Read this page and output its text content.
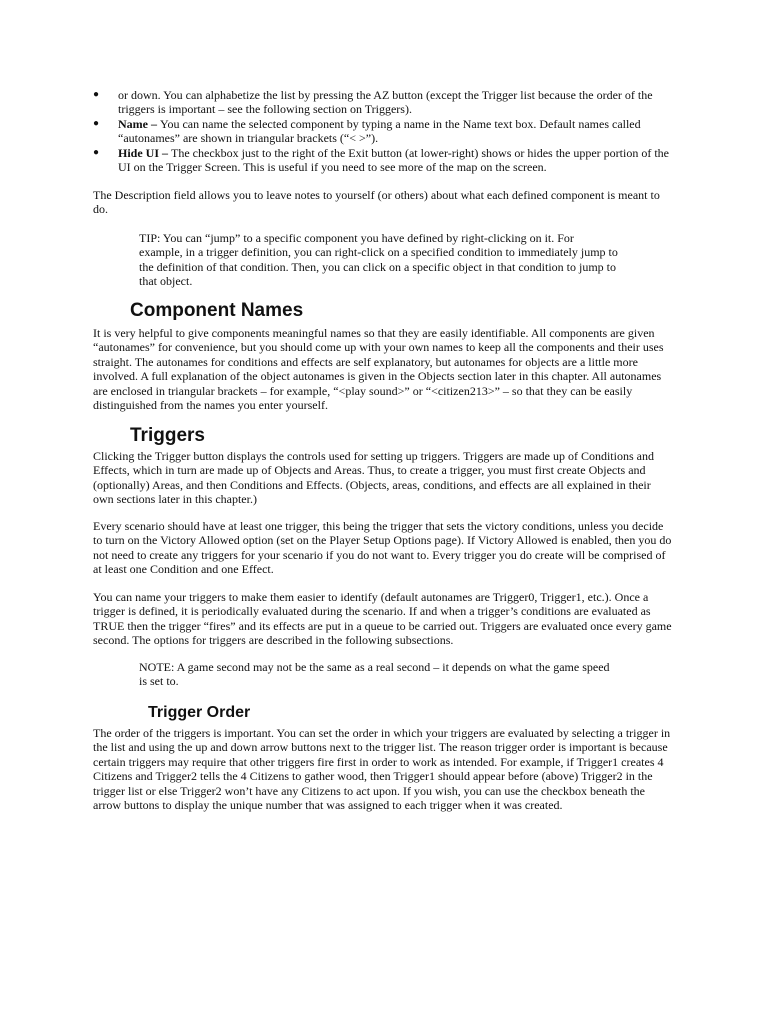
● or down. You can alphabetize the list by pressing the AZ button (except the Trigger list because the order of the triggers is important – see the following section on Triggers).
● Name – You can name the selected component by typing a name in the Name text box. Default names called “autonames” are shown in triangular brackets (“< >”).
● Hide UI – The checkbox just to the right of the Exit button (at lower-right) shows or hides the upper portion of the UI on the Trigger Screen. This is useful if you need to see more of the map on the screen.

The Description field allows you to leave notes to yourself (or others) about what each defined component is meant to do.

TIP: You can “jump” to a specific component you have defined by right-clicking on it. For example, in a trigger definition, you can right-click on a specified condition to immediately jump to the definition of that condition. Then, you can click on a specific object in that condition to jump to that object.

Component Names

It is very helpful to give components meaningful names so that they are easily identifiable. All components are given “autonames” for convenience, but you should come up with your own names to keep all the components and their uses straight. The autonames for conditions and effects are self explanatory, but autonames for objects are a little more involved. A full explanation of the object autonames is given in the Objects section later in this chapter. All autonames are enclosed in triangular brackets – for example, “<play sound>” or “<citizen213>” – so that they can be easily distinguished from the names you enter yourself.

Triggers

Clicking the Trigger button displays the controls used for setting up triggers. Triggers are made up of Conditions and Effects, which in turn are made up of Objects and Areas. Thus, to create a trigger, you must first create Objects and (optionally) Areas, and then Conditions and Effects. (Objects, areas, conditions, and effects are all explained in their own sections later in this chapter.)

Every scenario should have at least one trigger, this being the trigger that sets the victory conditions, unless you decide to turn on the Victory Allowed option (set on the Player Setup Options page). If Victory Allowed is enabled, then you do not need to create any triggers for your scenario if you do not want to. Every trigger you do create will be comprised of at least one Condition and one Effect.

You can name your triggers to make them easier to identify (default autonames are Trigger0, Trigger1, etc.). Once a trigger is defined, it is periodically evaluated during the scenario. If and when a trigger’s conditions are evaluated as TRUE then the trigger “fires” and its effects are put in a queue to be carried out. Triggers are evaluated once every game second. The options for triggers are described in the following subsections.

NOTE: A game second may not be the same as a real second – it depends on what the game speed is set to.

Trigger Order

The order of the triggers is important. You can set the order in which your triggers are evaluated by selecting a trigger in the list and using the up and down arrow buttons next to the trigger list. The reason trigger order is important is because certain triggers may require that other triggers fire first in order to work as intended. For example, if Trigger1 creates 4 Citizens and Trigger2 tells the 4 Citizens to gather wood, then Trigger1 should appear before (above) Trigger2 in the trigger list or else Trigger2 won’t have any Citizens to act upon. If you wish, you can use the checkbox beneath the arrow buttons to display the unique number that was assigned to each trigger when it was created.
